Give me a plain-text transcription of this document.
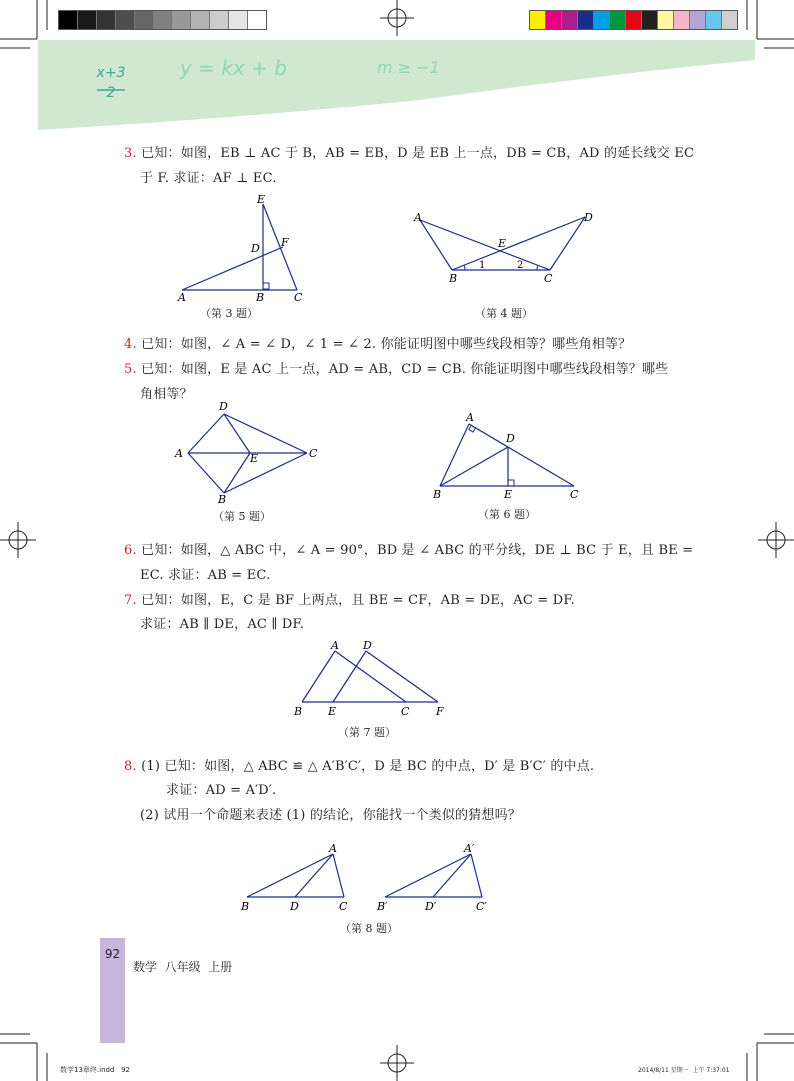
x+3
2
y = kx + b	m ≥ −1
3. 已知：如图，EB ⊥ AC 于 B，AB = EB，D 是 EB 上一点，DB = CB，AD 的延长线交 EC
于 F. 求证：AF ⊥ EC.
E
D F
A	B	C
（第 3 题）
A	D
E
B	C
1	2
（第 4 题）
4. 已知：如图，∠ A = ∠ D，∠ 1 = ∠ 2. 你能证明图中哪些线段相等？哪些角相等？
5. 已知：如图，E 是 AC 上一点，AD = AB，CD = CB. 你能证明图中哪些线段相等？哪些
角相等？
D
A	E	C
B
（第 5 题）
A
D
B	E	C
（第 6 题）
6. 已知：如图，△ ABC 中，∠ A = 90°，BD 是 ∠ ABC 的平分线，DE ⊥ BC 于 E，且 BE =
EC. 求证：AB = EC.
7. 已知：如图，E，C 是 BF 上两点，且 BE = CF，AB = DE，AC = DF.
求证：AB ∥ DE，AC ∥ DF.
A D
B E	C F
（第 7 题）
8. (1) 已知：如图，△ ABC ≌ △ A′B′C′，D 是 BC 的中点，D′ 是 B′C′ 的中点.
求证：AD = A′D′.
(2) 试用一个命题来表述 (1) 的结论，你能找一个类似的猜想吗？
A
B	D	C
A′
B′	D′	C′
（第 8 题）
92
数学  八年级  上册
数学13章终.indd   92	2014/8/11 星期一  上午 7:37:01
